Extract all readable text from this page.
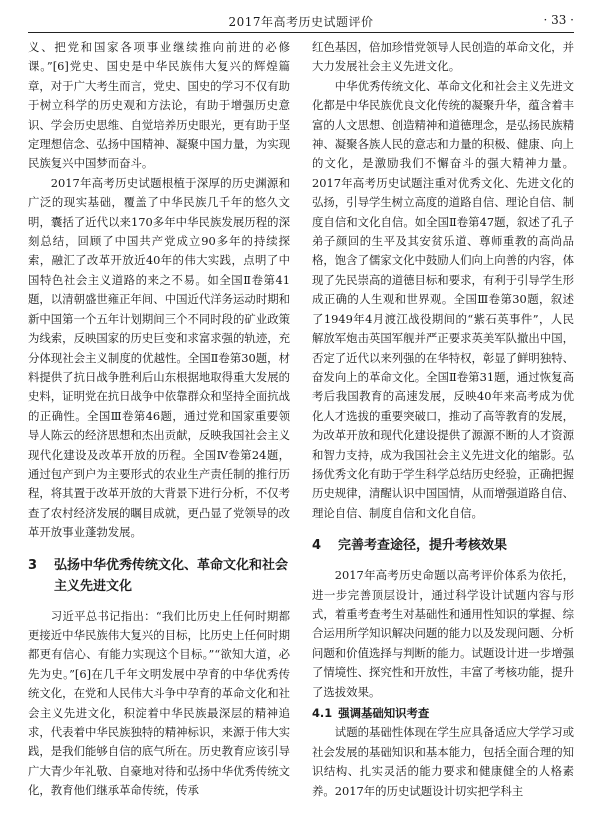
2017年高考历史试题评价	· 33 ·

义、把党和国家各项事业继续推向前进的必修课。”[6]党史、国史是中华民族伟大复兴的辉煌篇章，对于广大考生而言，党史、国史的学习不仅有助于树立科学的历史观和方法论，有助于增强历史意识、学会历史思维、自觉培养历史眼光，更有助于坚定理想信念、弘扬中国精神、凝聚中国力量，为实现民族复兴中国梦而奋斗。

2017年高考历史试题根植于深厚的历史渊源和广泛的现实基础，覆盖了中华民族几千年的悠久文明，囊括了近代以来170多年中华民族发展历程的深刻总结，回顾了中国共产党成立90多年的持续探索，融汇了改革开放近40年的伟大实践，点明了中国特色社会主义道路的来之不易。如全国Ⅱ卷第41题，以清朝盛世雍正年间、中国近代洋务运动时期和新中国第一个五年计划期间三个不同时段的矿业政策为线索，反映国家的历史巨变和求富求强的轨迹，充分体现社会主义制度的优越性。全国Ⅱ卷第30题，材料提供了抗日战争胜利后山东根据地取得重大发展的史料，证明党在抗日战争中依靠群众和坚持全面抗战的正确性。全国Ⅲ卷第46题，通过党和国家重要领导人陈云的经济思想和杰出贡献，反映我国社会主义现代化建设及改革开放的历程。全国Ⅳ卷第24题，通过包产到户为主要形式的农业生产责任制的推行历程，将其置于改革开放的大背景下进行分析，不仅考查了农村经济发展的瞩目成就，更凸显了党领导的改革开放事业蓬勃发展。

3	弘扬中华优秀传统文化、革命文化和社会主义先进文化

习近平总书记指出：“我们比历史上任何时期都更接近中华民族伟大复兴的目标，比历史上任何时期都更有信心、有能力实现这个目标。”“欲知大道，必先为史。”[6]在几千年文明发展中孕育的中华优秀传统文化，在党和人民伟大斗争中孕育的革命文化和社会主义先进文化，积淀着中华民族最深层的精神追求，代表着中华民族独特的精神标识，来源于伟大实践，是我们能够自信的底气所在。历史教育应该引导广大青少年礼敬、自豪地对待和弘扬中华优秀传统文化，教育他们继承革命传统，传承

红色基因，倍加珍惜党领导人民创造的革命文化，并大力发展社会主义先进文化。

中华优秀传统文化、革命文化和社会主义先进文化都是中华民族优良文化传统的凝聚升华，蕴含着丰富的人文思想、创造精神和道德理念，是弘扬民族精神、凝聚各族人民的意志和力量的积极、健康、向上的文化，是激励我们不懈奋斗的强大精神力量。2017年高考历史试题注重对优秀文化、先进文化的弘扬，引导学生树立高度的道路自信、理论自信、制度自信和文化自信。如全国Ⅱ卷第47题，叙述了孔子弟子颜回的生平及其安贫乐道、尊师重教的高尚品格，饱含了儒家文化中鼓励人们向上向善的内容，体现了先民崇高的道德目标和要求，有利于引导学生形成正确的人生观和世界观。全国Ⅲ卷第30题，叙述了1949年4月渡江战役期间的“紫石英事件”，人民解放军炮击英国军舰并严正要求英美军队撤出中国，否定了近代以来列强的在华特权，彰显了鲜明独特、奋发向上的革命文化。全国Ⅱ卷第31题，通过恢复高考后我国教育的高速发展，反映40年来高考成为优化人才选拔的重要突破口，推动了高等教育的发展，为改革开放和现代化建设提供了源源不断的人才资源和智力支持，成为我国社会主义先进文化的缩影。弘扬优秀文化有助于学生科学总结历史经验，正确把握历史规律，清醒认识中国国情，从而增强道路自信、理论自信、制度自信和文化自信。

4	完善考查途径，提升考核效果

2017年高考历史命题以高考评价体系为依托，进一步完善顶层设计，通过科学设计试题内容与形式，着重考查考生对基础性和通用性知识的掌握、综合运用所学知识解决问题的能力以及发现问题、分析问题和价值选择与判断的能力。试题设计进一步增强了情境性、探究性和开放性，丰富了考核功能，提升了选拔效果。

4.1 强调基础知识考查

试题的基础性体现在学生应具备适应大学学习或社会发展的基础知识和基本能力，包括全面合理的知识结构、扎实灵活的能力要求和健康健全的人格素养。2017年的历史试题设计切实把学科主
